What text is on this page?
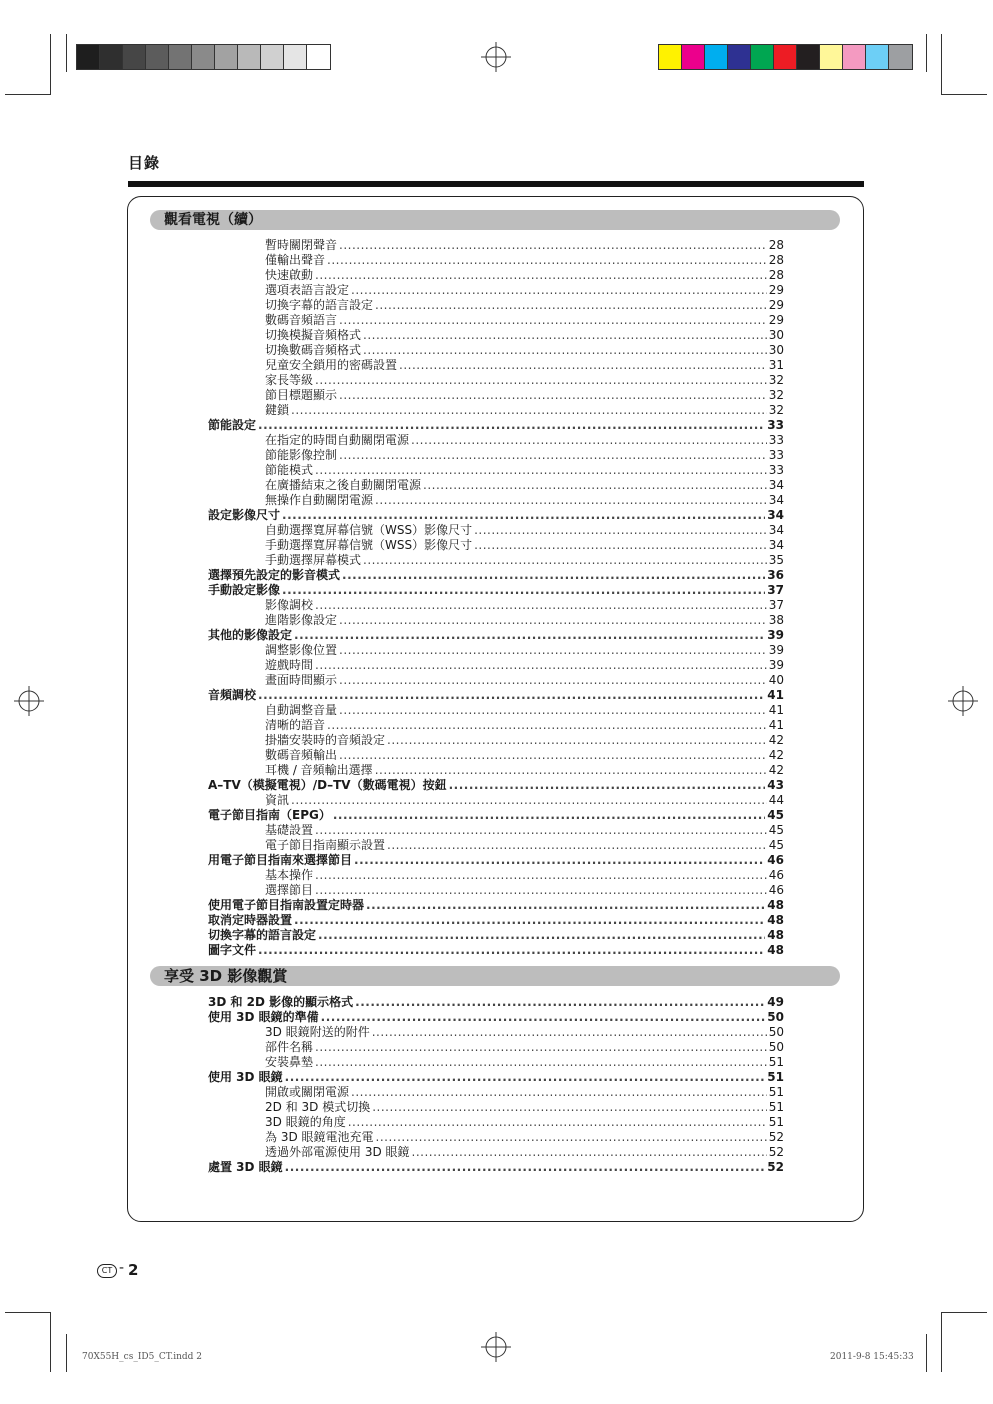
目錄
觀看電視（續）
暫時關閉聲音 .....	28
僅輸出聲音 .....	28
快速啟動 .....	28
選項表語言設定 .....	29
切換字幕的語言設定 .....	29
數碼音頻語言 .....	29
切換模擬音頻格式 .....	30
切換數碼音頻格式 .....	30
兒童安全鎖用的密碼設置 .....	31
家長等級 .....	32
節目標題顯示 .....	32
鍵鎖 .....	32
節能設定 .....	33
在指定的時間自動關閉電源 .....	33
節能影像控制 .....	33
節能模式 .....	33
在廣播結束之後自動關閉電源 .....	34
無操作自動關閉電源 .....	34
設定影像尺寸 .....	34
自動選擇寬屏幕信號（WSS）影像尺寸 .....	34
手動選擇寬屏幕信號（WSS）影像尺寸 .....	34
手動選擇屏幕模式 .....	35
選擇預先設定的影音模式 .....	36
手動設定影像 .....	37
影像調校 .....	37
進階影像設定 .....	38
其他的影像設定 .....	39
調整影像位置 .....	39
遊戲時間 .....	39
畫面時間顯示 .....	40
音頻調校 .....	41
自動調整音量 .....	41
清晰的語音 .....	41
掛牆安裝時的音頻設定 .....	42
數碼音頻輸出 .....	42
耳機 / 音頻輸出選擇 .....	42
A–TV（模擬電視）/D–TV（數碼電視）按鈕 .....	43
資訊 .....	44
電子節目指南（EPG） .....	45
基礎設置 .....	45
電子節目指南顯示設置 .....	45
用電子節目指南來選擇節目 .....	46
基本操作 .....	46
選擇節目 .....	46
使用電子節目指南設置定時器 .....	48
取消定時器設置 .....	48
切換字幕的語言設定 .....	48
圖字文件 .....	48
享受 3D 影像觀賞
3D 和 2D 影像的顯示格式 .....	49
使用 3D 眼鏡的準備 .....	50
3D 眼鏡附送的附件 .....	50
部件名稱 .....	50
安裝鼻墊 .....	51
使用 3D 眼鏡 .....	51
開啟或關閉電源 .....	51
2D 和 3D 模式切換 .....	51
3D 眼鏡的角度 .....	51
為 3D 眼鏡電池充電 .....	52
透過外部電源使用 3D 眼鏡 .....	52
處置 3D 眼鏡 .....	52
CT - 2
70X55H_cs_ID5_CT.indd 2	2011-9-8 15:45:33
